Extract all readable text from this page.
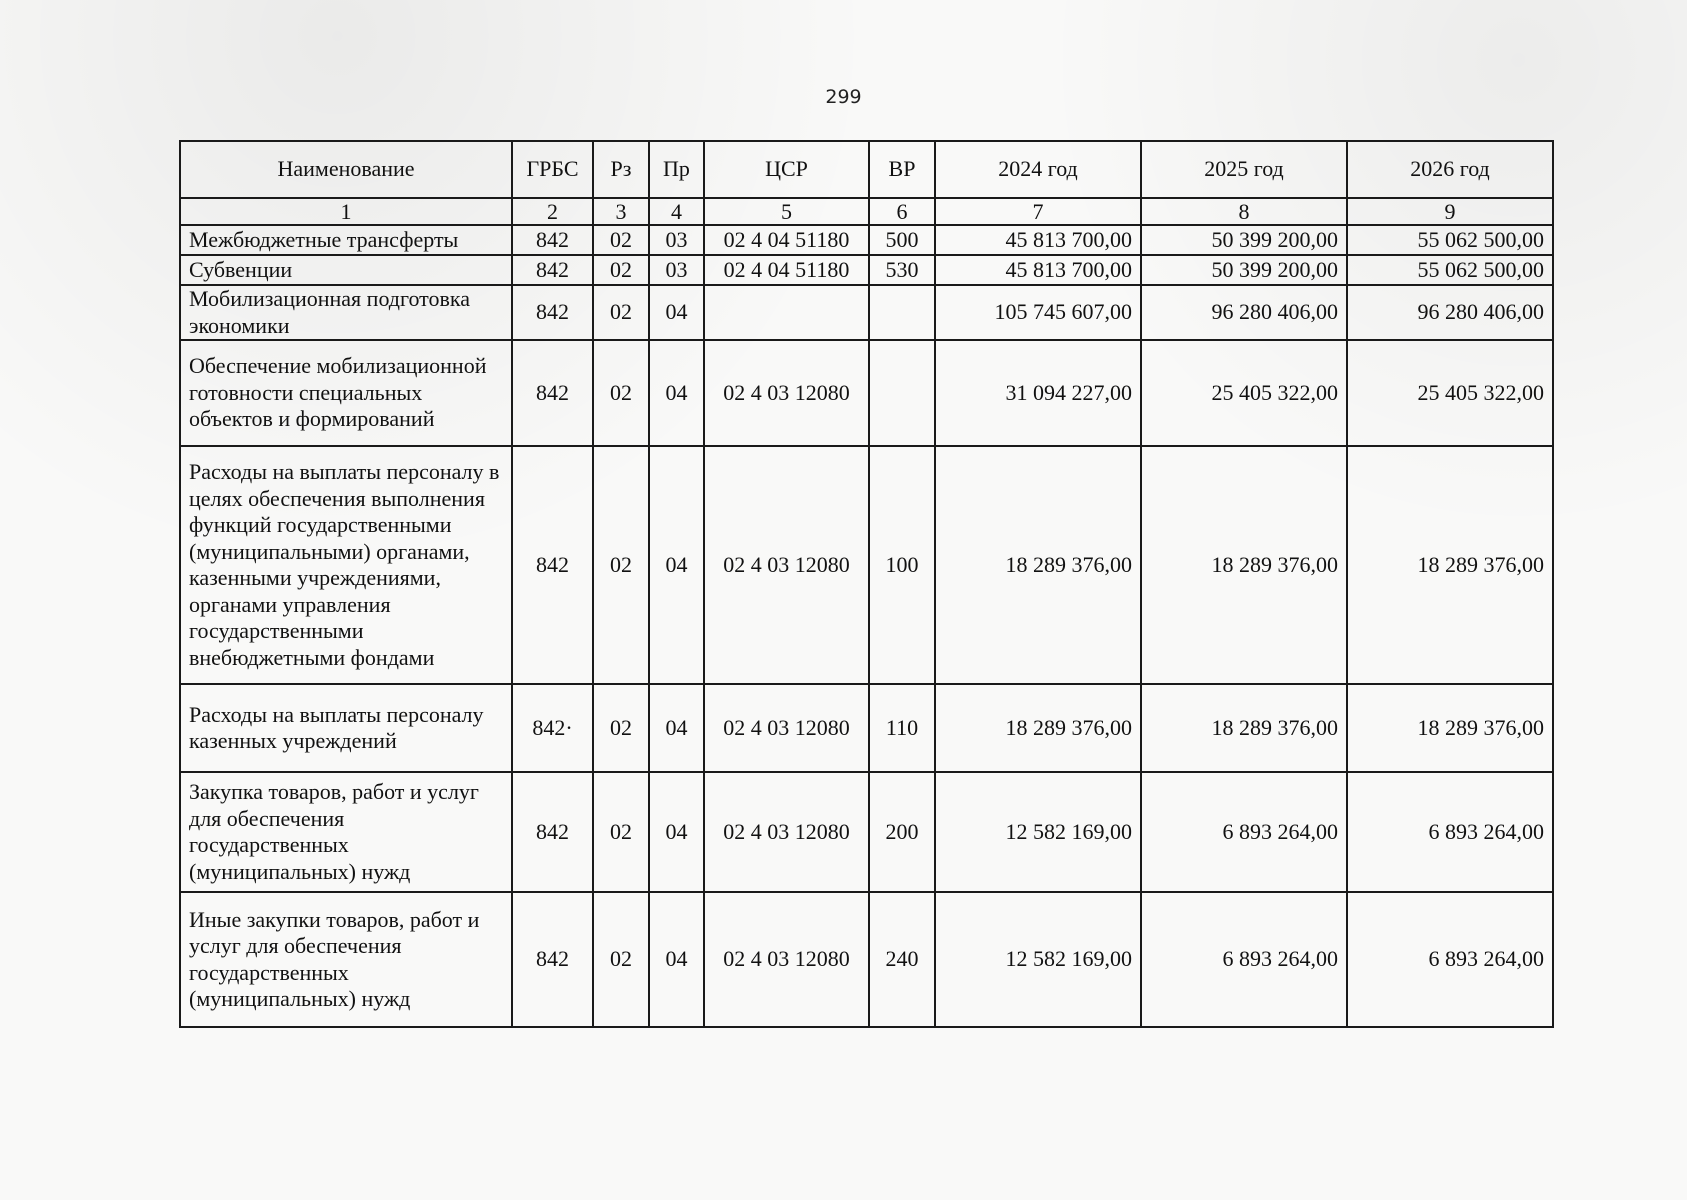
299
Наименование	ГРБС	Рз	Пр	ЦСР	ВР	2024 год	2025 год	2026 год
1	2	3	4	5	6	7	8	9
Межбюджетные трансферты	842	02	03	02 4 04 51180	500	45 813 700,00	50 399 200,00	55 062 500,00
Субвенции	842	02	03	02 4 04 51180	530	45 813 700,00	50 399 200,00	55 062 500,00
Мобилизационная подготовка экономики	842	02	04			105 745 607,00	96 280 406,00	96 280 406,00
Обеспечение мобилизационной готовности специальных объектов и формирований	842	02	04	02 4 03 12080		31 094 227,00	25 405 322,00	25 405 322,00
Расходы на выплаты персоналу в целях обеспечения выполнения функций государственными (муниципальными) органами, казенными учреждениями, органами управления государственными внебюджетными фондами	842	02	04	02 4 03 12080	100	18 289 376,00	18 289 376,00	18 289 376,00
Расходы на выплаты персоналу казенных учреждений	842·	02	04	02 4 03 12080	110	18 289 376,00	18 289 376,00	18 289 376,00
Закупка товаров, работ и услуг для обеспечения государственных (муниципальных) нужд	842	02	04	02 4 03 12080	200	12 582 169,00	6 893 264,00	6 893 264,00
Иные закупки товаров, работ и услуг для обеспечения государственных (муниципальных) нужд	842	02	04	02 4 03 12080	240	12 582 169,00	6 893 264,00	6 893 264,00
